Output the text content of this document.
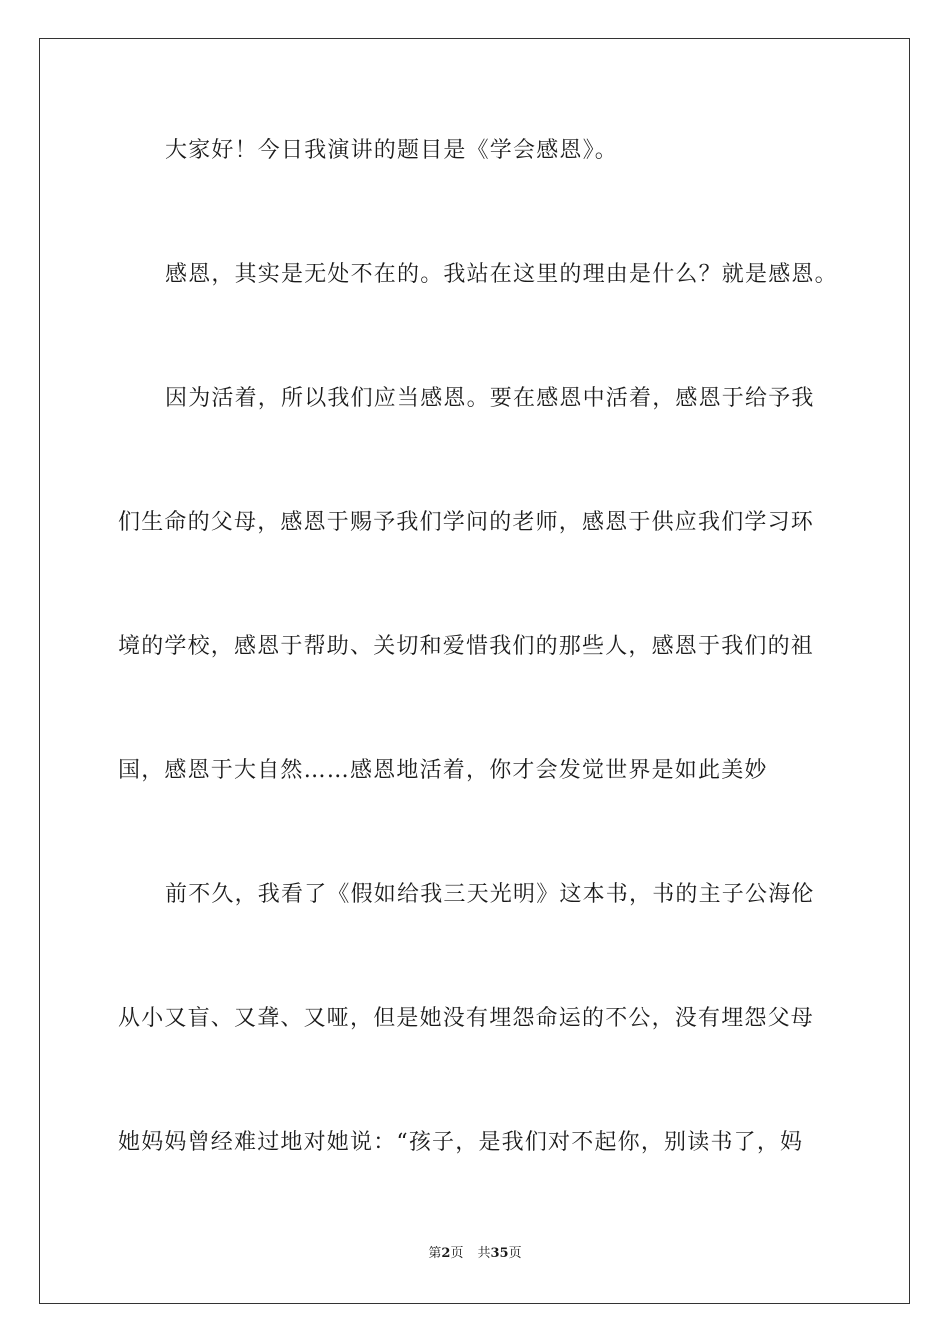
大家好！今日我演讲的题目是《学会感恩》。
感恩，其实是无处不在的。我站在这里的理由是什么？就是感恩。
因为活着，所以我们应当感恩。要在感恩中活着，感恩于给予我
们生命的父母，感恩于赐予我们学问的老师，感恩于供应我们学习环
境的学校，感恩于帮助、关切和爱惜我们的那些人，感恩于我们的祖
国，感恩于大自然……感恩地活着，你才会发觉世界是如此美妙
前不久，我看了《假如给我三天光明》这本书，书的主子公海伦
从小又盲、又聋、又哑，但是她没有埋怨命运的不公，没有埋怨父母
她妈妈曾经难过地对她说：“孩子，是我们对不起你，别读书了，妈
第2页 共35页
